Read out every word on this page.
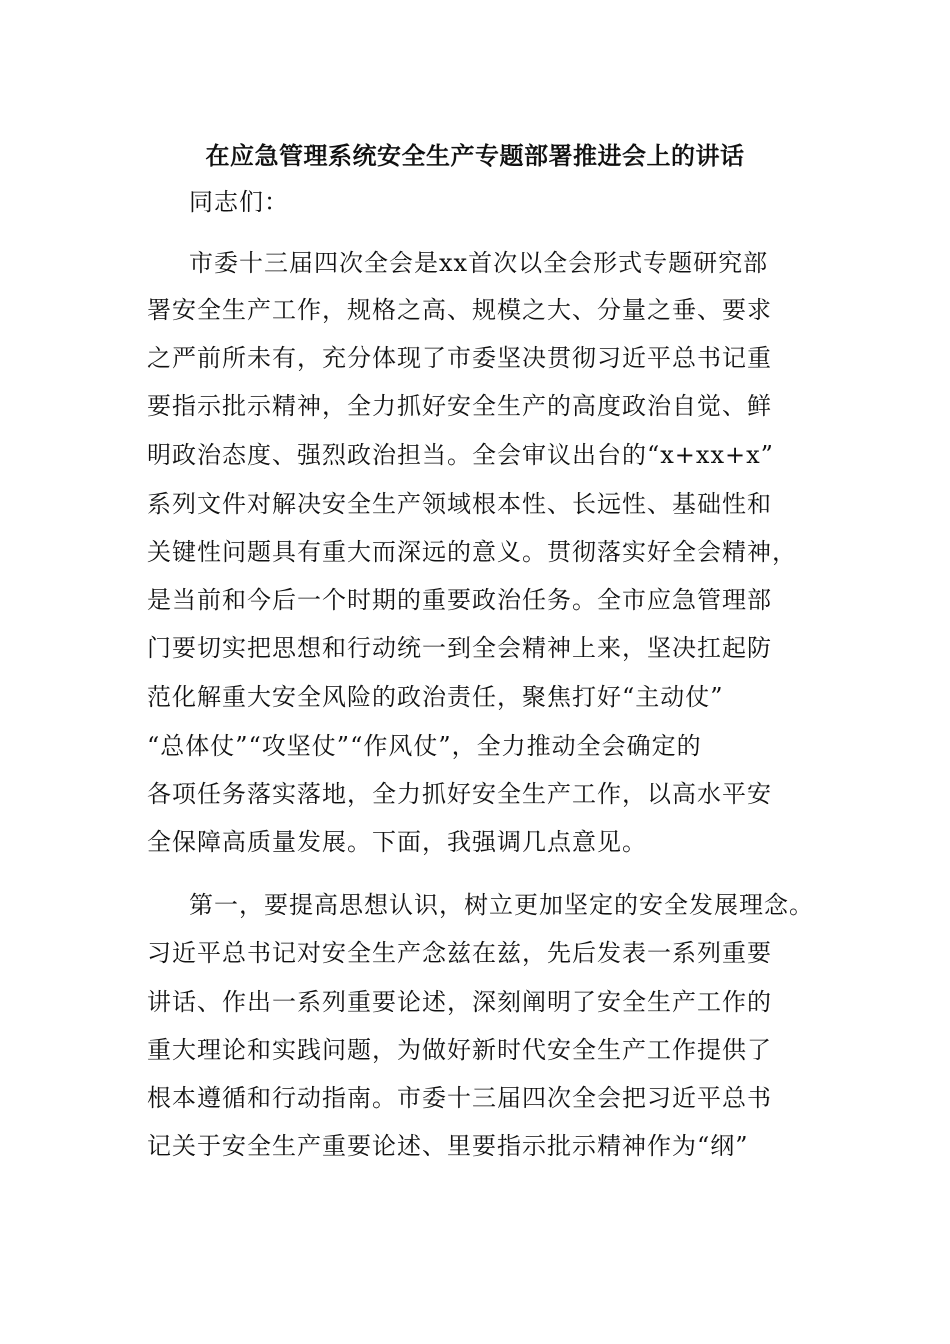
在应急管理系统安全生产专题部署推进会上的讲话
同志们：
市委十三届四次全会是xx首次以全会形式专题研究部
署安全生产工作，规格之高、规模之大、分量之垂、要求
之严前所未有，充分体现了市委坚决贯彻习近平总书记重
要指示批示精神，全力抓好安全生产的高度政治自觉、鲜
明政治态度、强烈政治担当。全会审议出台的“x+xx+x”
系列文件对解决安全生产领域根本性、长远性、基础性和
关键性问题具有重大而深远的意义。贯彻落实好全会精神，
是当前和今后一个时期的重要政治任务。全市应急管理部
门要切实把思想和行动统一到全会精神上来，坚决扛起防
范化解重大安全风险的政治责任，聚焦打好“主动仗”
“总体仗”“攻坚仗”“作风仗”，全力推动全会确定的
各项任务落实落地，全力抓好安全生产工作，以高水平安
全保障高质量发展。下面，我强调几点意见。
第一，要提高思想认识，树立更加坚定的安全发展理念。
习近平总书记对安全生产念兹在兹，先后发表一系列重要
讲话、作出一系列重要论述，深刻阐明了安全生产工作的
重大理论和实践问题，为做好新时代安全生产工作提供了
根本遵循和行动指南。市委十三届四次全会把习近平总书
记关于安全生产重要论述、里要指示批示精神作为“纲”
